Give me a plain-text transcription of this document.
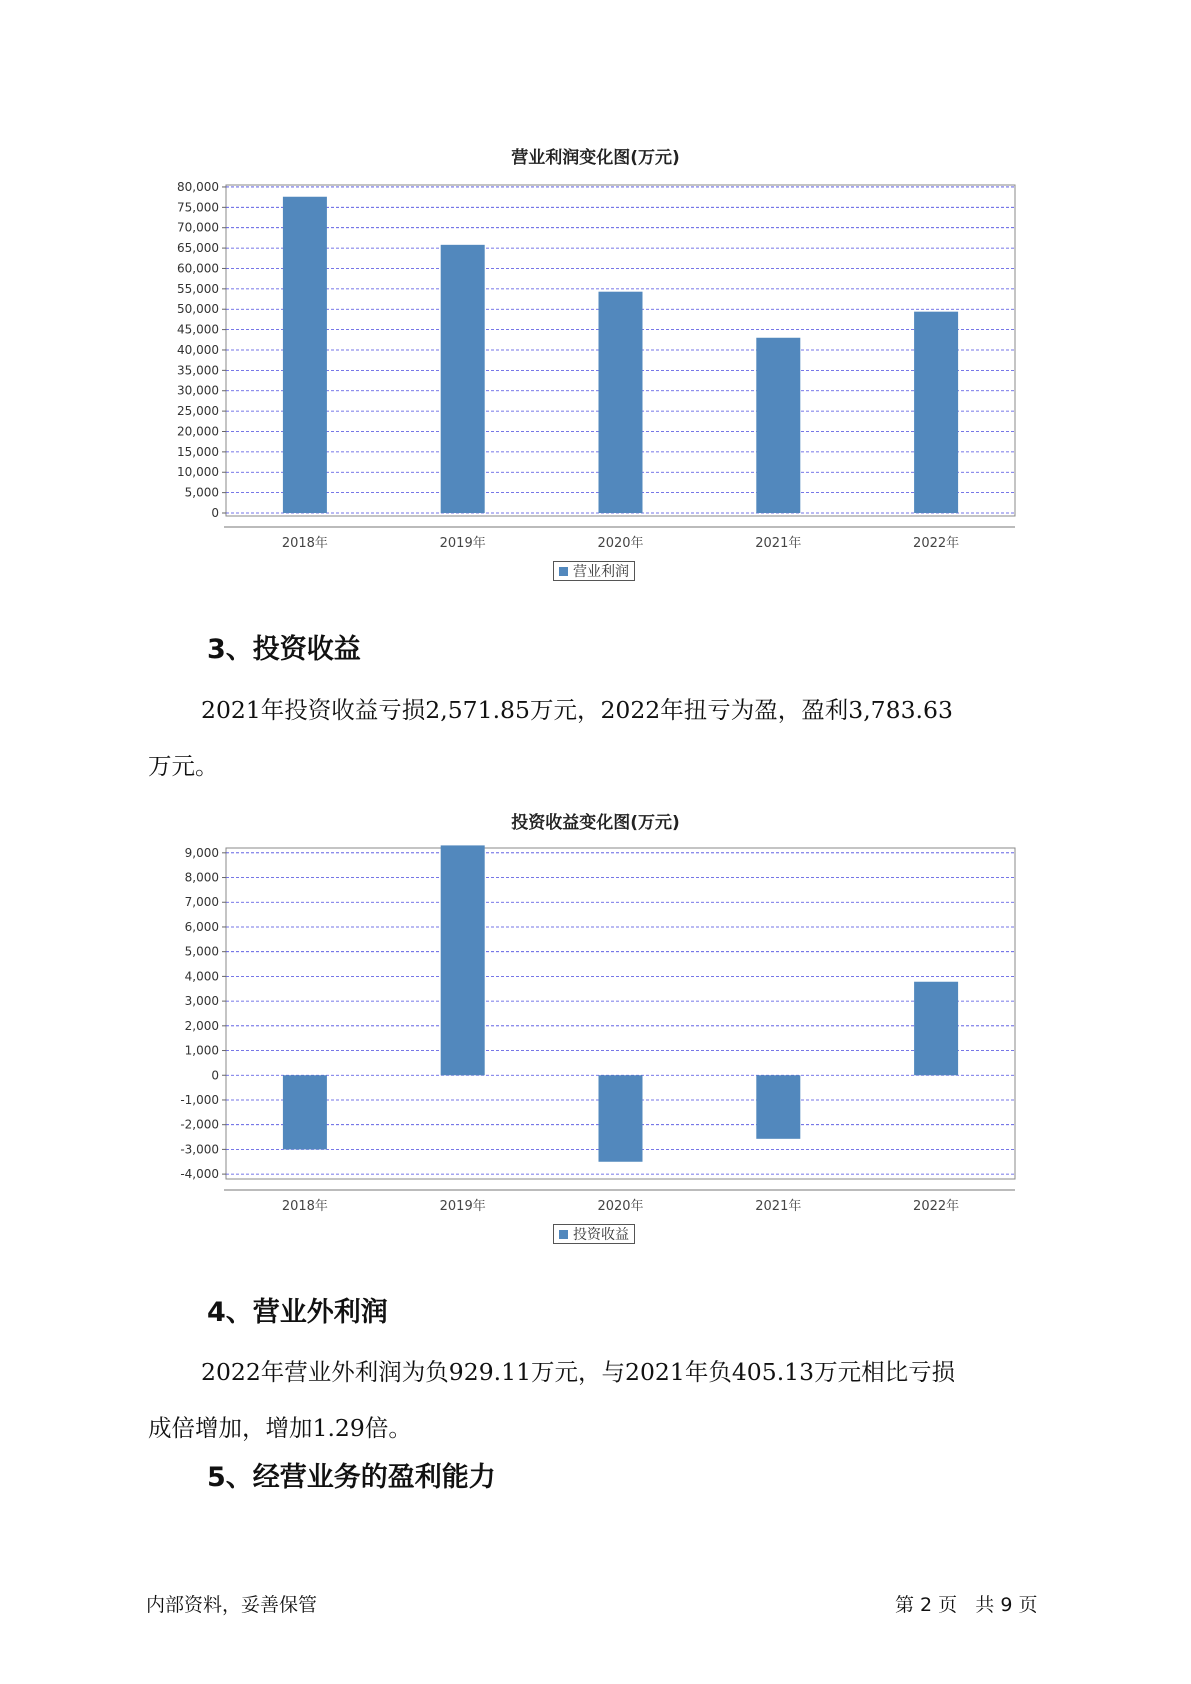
营业利润变化图(万元)
0
5,000
10,000
15,000
20,000
25,000
30,000
35,000
40,000
45,000
50,000
55,000
60,000
65,000
70,000
75,000
80,000
2018年	2019年	2020年	2021年	2022年
营业利润
3、投资收益
2021年投资收益亏损2,571.85万元，2022年扭亏为盈，盈利3,783.63
万元。
投资收益变化图(万元)
-4,000
-3,000
-2,000
-1,000
0
1,000
2,000
3,000
4,000
5,000
6,000
7,000
8,000
9,000
2018年	2019年	2020年	2021年	2022年
投资收益
4、营业外利润
2022年营业外利润为负929.11万元，与2021年负405.13万元相比亏损
成倍增加，增加1.29倍。
5、经营业务的盈利能力
内部资料，妥善保管	第 2 页   共 9 页
